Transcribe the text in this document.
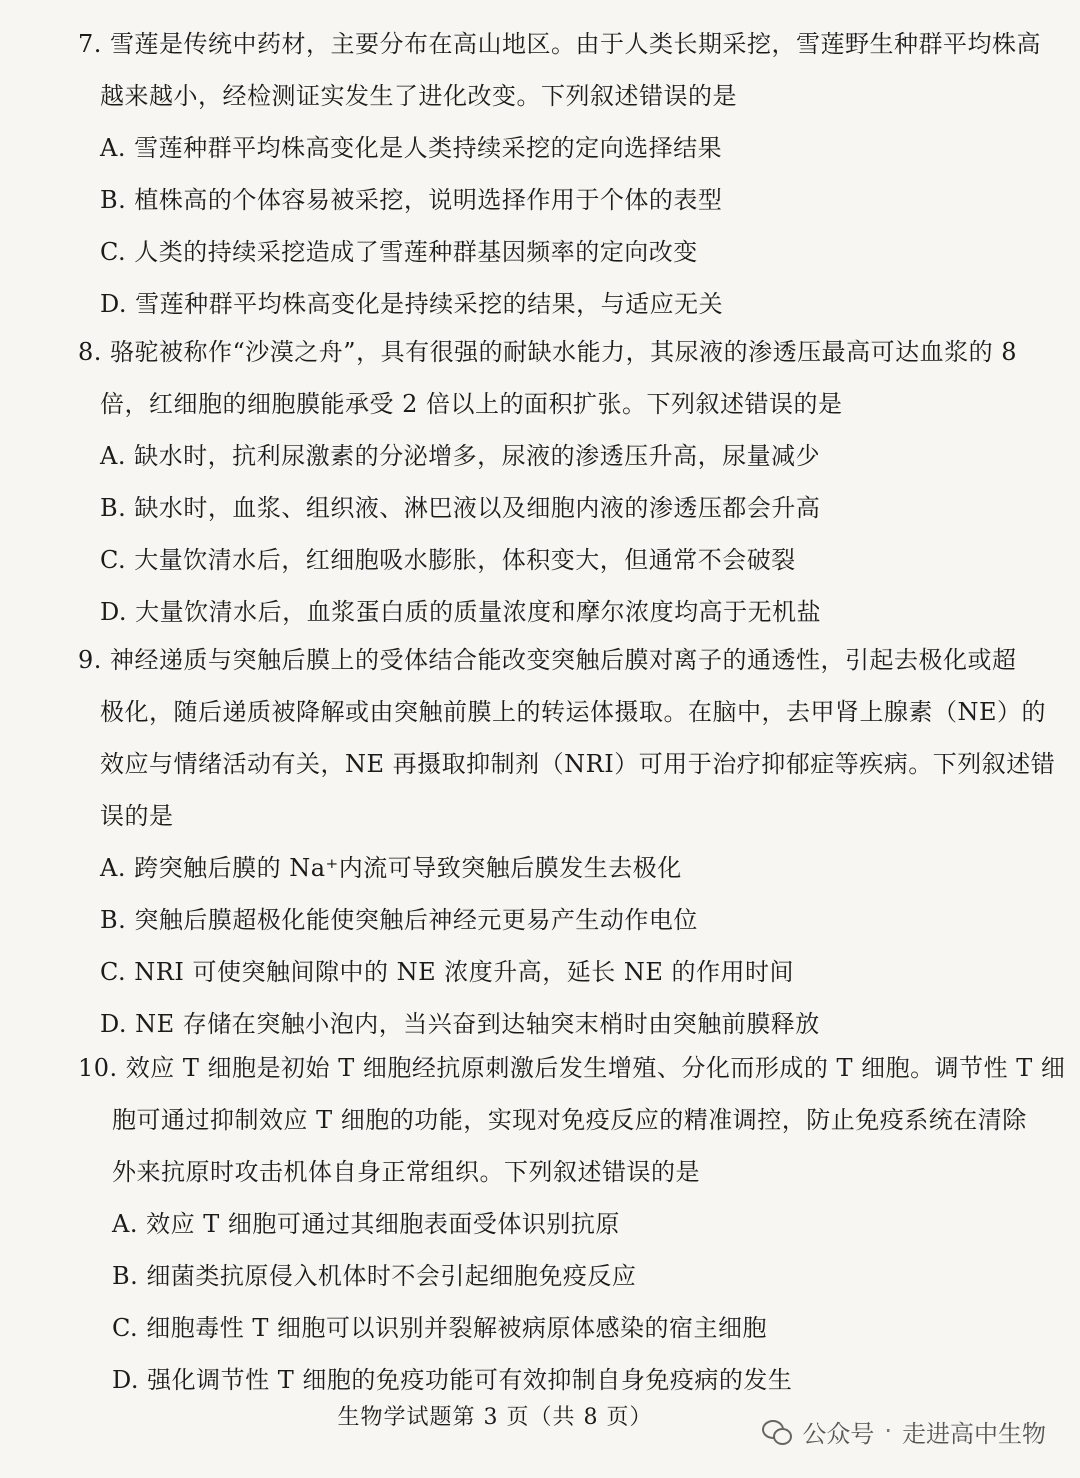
7. 雪莲是传统中药材，主要分布在高山地区。由于人类长期采挖，雪莲野生种群平均株高
越来越小，经检测证实发生了进化改变。下列叙述错误的是
A. 雪莲种群平均株高变化是人类持续采挖的定向选择结果
B. 植株高的个体容易被采挖，说明选择作用于个体的表型
C. 人类的持续采挖造成了雪莲种群基因频率的定向改变
D. 雪莲种群平均株高变化是持续采挖的结果，与适应无关
8. 骆驼被称作“沙漠之舟”，具有很强的耐缺水能力，其尿液的渗透压最高可达血浆的 8
倍，红细胞的细胞膜能承受 2 倍以上的面积扩张。下列叙述错误的是
A. 缺水时，抗利尿激素的分泌增多，尿液的渗透压升高，尿量减少
B. 缺水时，血浆、组织液、淋巴液以及细胞内液的渗透压都会升高
C. 大量饮清水后，红细胞吸水膨胀，体积变大，但通常不会破裂
D. 大量饮清水后，血浆蛋白质的质量浓度和摩尔浓度均高于无机盐
9. 神经递质与突触后膜上的受体结合能改变突触后膜对离子的通透性，引起去极化或超
极化，随后递质被降解或由突触前膜上的转运体摄取。在脑中，去甲肾上腺素（NE）的
效应与情绪活动有关，NE 再摄取抑制剂（NRI）可用于治疗抑郁症等疾病。下列叙述错
误的是
A. 跨突触后膜的 Na⁺内流可导致突触后膜发生去极化
B. 突触后膜超极化能使突触后神经元更易产生动作电位
C. NRI 可使突触间隙中的 NE 浓度升高，延长 NE 的作用时间
D. NE 存储在突触小泡内，当兴奋到达轴突末梢时由突触前膜释放
10. 效应 T 细胞是初始 T 细胞经抗原刺激后发生增殖、分化而形成的 T 细胞。调节性 T 细
胞可通过抑制效应 T 细胞的功能，实现对免疫反应的精准调控，防止免疫系统在清除
外来抗原时攻击机体自身正常组织。下列叙述错误的是
A. 效应 T 细胞可通过其细胞表面受体识别抗原
B. 细菌类抗原侵入机体时不会引起细胞免疫反应
C. 细胞毒性 T 细胞可以识别并裂解被病原体感染的宿主细胞
D. 强化调节性 T 细胞的免疫功能可有效抑制自身免疫病的发生
生物学试题第 3 页（共 8 页）
公众号 · 走进高中生物
